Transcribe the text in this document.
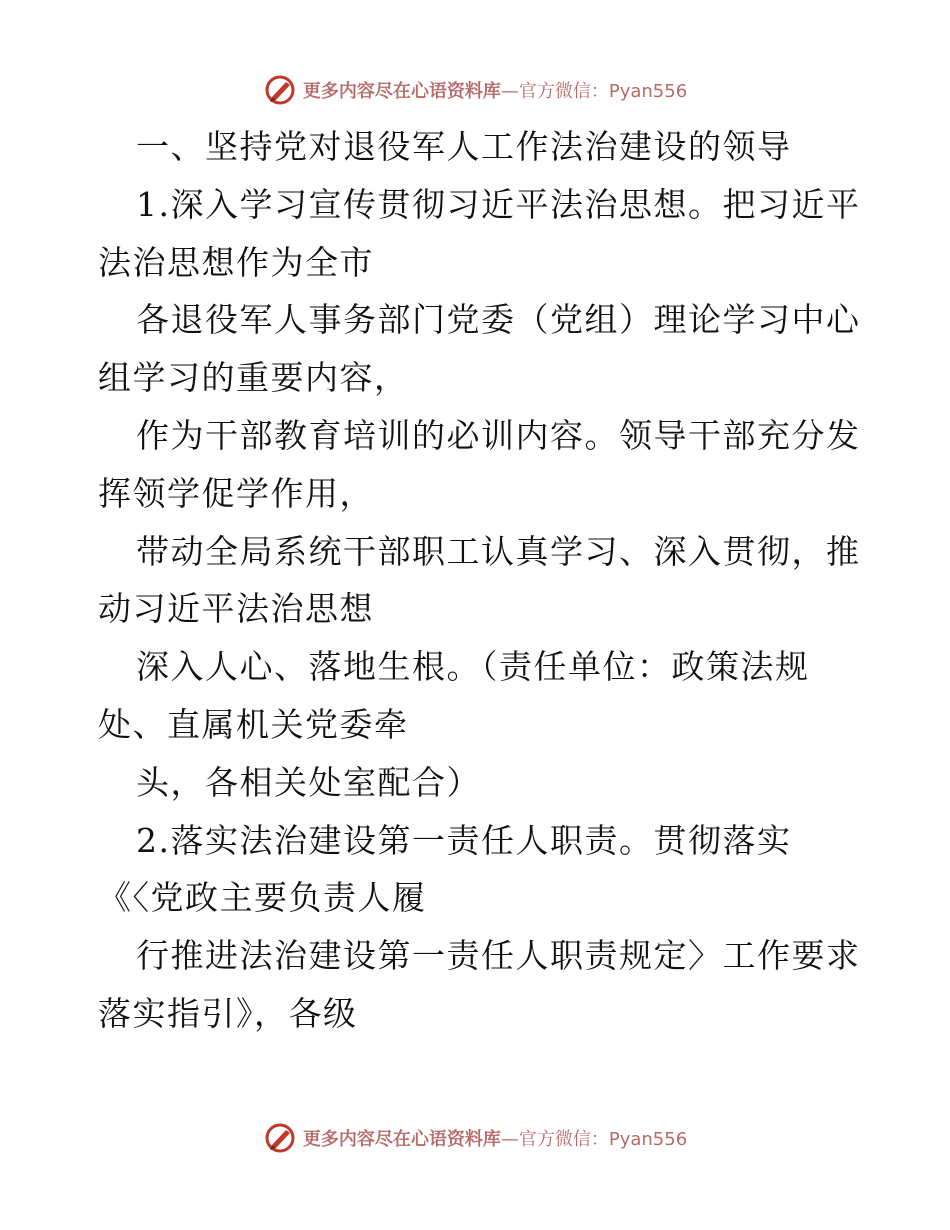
更多内容尽在心语资料库 —官方微信：Pyan556
一、坚持党对退役军人工作法治建设的领导
1.深入学习宣传贯彻习近平法治思想。把习近平
法治思想作为全市
各退役军人事务部门党委（党组）理论学习中心
组学习的重要内容，
作为干部教育培训的必训内容。领导干部充分发
挥领学促学作用，
带动全局系统干部职工认真学习、深入贯彻，推
动习近平法治思想
深入人心、落地生根。（责任单位：政策法规
处、直属机关党委牵
头，各相关处室配合）
2.落实法治建设第一责任人职责。贯彻落实
《〈党政主要负责人履
行推进法治建设第一责任人职责规定〉工作要求
落实指引》，各级
更多内容尽在心语资料库 —官方微信：Pyan556
